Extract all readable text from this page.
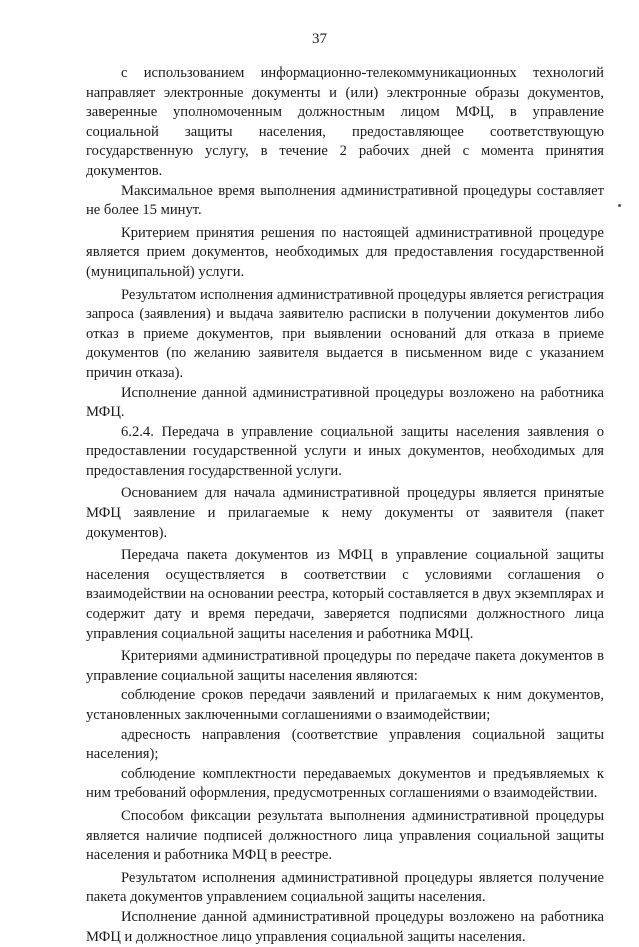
37

с использованием информационно-телекоммуникационных технологий направляет электронные документы и (или) электронные образы документов, заверенные уполномоченным должностным лицом МФЦ, в управление социальной защиты населения, предоставляющее соответствующую государственную услугу, в течение 2 рабочих дней с момента принятия документов.

Максимальное время выполнения административной процедуры составляет не более 15 минут.

Критерием принятия решения по настоящей административной процедуре является прием документов, необходимых для предоставления государственной (муниципальной) услуги.

Результатом исполнения административной процедуры является регистрация запроса (заявления) и выдача заявителю расписки в получении документов либо отказ в приеме документов, при выявлении оснований для отказа в приеме документов (по желанию заявителя выдается в письменном виде с указанием причин отказа).

Исполнение данной административной процедуры возложено на работника МФЦ.

6.2.4. Передача в управление социальной защиты населения заявления о предоставлении государственной услуги и иных документов, необходимых для предоставления государственной услуги.

Основанием для начала административной процедуры является принятые МФЦ заявление и прилагаемые к нему документы от заявителя (пакет документов).

Передача пакета документов из МФЦ в управление социальной защиты населения осуществляется в соответствии с условиями соглашения о взаимодействии на основании реестра, который составляется в двух экземплярах и содержит дату и время передачи, заверяется подписями должностного лица управления социальной защиты населения и работника МФЦ.

Критериями административной процедуры по передаче пакета документов в управление социальной защиты населения являются:

соблюдение сроков передачи заявлений и прилагаемых к ним документов, установленных заключенными соглашениями о взаимодействии;

адресность направления (соответствие управления социальной защиты населения);

соблюдение комплектности передаваемых документов и предъявляемых к ним требований оформления, предусмотренных соглашениями о взаимодействии.

Способом фиксации результата выполнения административной процедуры является наличие подписей должностного лица управления социальной защиты населения и работника МФЦ в реестре.

Результатом исполнения административной процедуры является получение пакета документов управлением социальной защиты населения.

Исполнение данной административной процедуры возложено на работника МФЦ и должностное лицо управления социальной защиты населения.
